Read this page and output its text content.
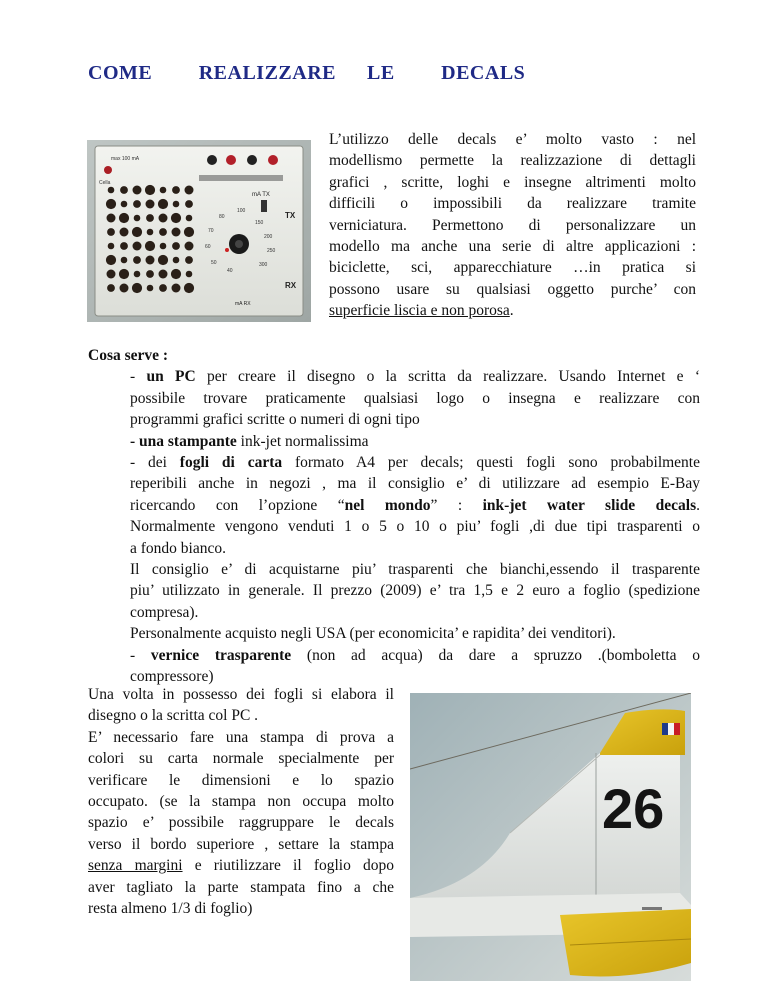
COME   REALIZZARE  LE   DECALS
max 100 mA
Cella
mA TX
TX
80
100
150
70
200
60
250
50	300
40
RX
mA RX
L’utilizzo delle decals e’ molto vasto : nel
modellismo permette la realizzazione di dettagli
grafici , scritte, loghi e insegne altrimenti molto
difficili o impossibili da realizzare tramite
verniciatura. Permettono di personalizzare un
modello ma anche una serie di altre applicazioni :
biciclette, sci, apparecchiature …in pratica si
possono usare su qualsiasi oggetto purche’ con
superficie liscia e non porosa.

Cosa serve :

- un PC per creare il disegno o la scritta da realizzare. Usando Internet e ‘
possibile trovare praticamente qualsiasi logo o insegna e realizzare con
programmi grafici scritte o numeri di ogni tipo
- una stampante ink-jet normalissima
- dei fogli di carta formato A4 per decals; questi fogli sono probabilmente
reperibili anche in negozi , ma il consiglio e’ di utilizzare ad esempio E-Bay
ricercando con l’opzione “nel mondo” : ink-jet water slide decals.
Normalmente vengono venduti 1 o 5 o 10 o piu’ fogli ,di due tipi trasparenti o
a fondo bianco.
Il consiglio e’ di acquistarne piu’ trasparenti che bianchi,essendo il trasparente
piu’ utilizzato in generale. Il prezzo (2009) e’ tra 1,5 e 2 euro a foglio (spedizione
compresa).
Personalmente acquisto negli USA (per economicita’ e rapidita’ dei venditori).
- vernice trasparente (non ad acqua) da dare a spruzzo .(bomboletta o
compressore)
Una volta in possesso dei fogli si elabora il
disegno o la scritta col PC .
E’ necessario fare una stampa di prova a
colori su carta normale specialmente per
verificare le dimensioni e lo spazio
occupato. (se la stampa non occupa molto
spazio e’ possibile raggruppare le decals
verso il bordo superiore , settare la stampa
senza margini e riutilizzare il foglio dopo
aver tagliato la parte stampata fino a che
resta almeno 1/3 di foglio)
26
